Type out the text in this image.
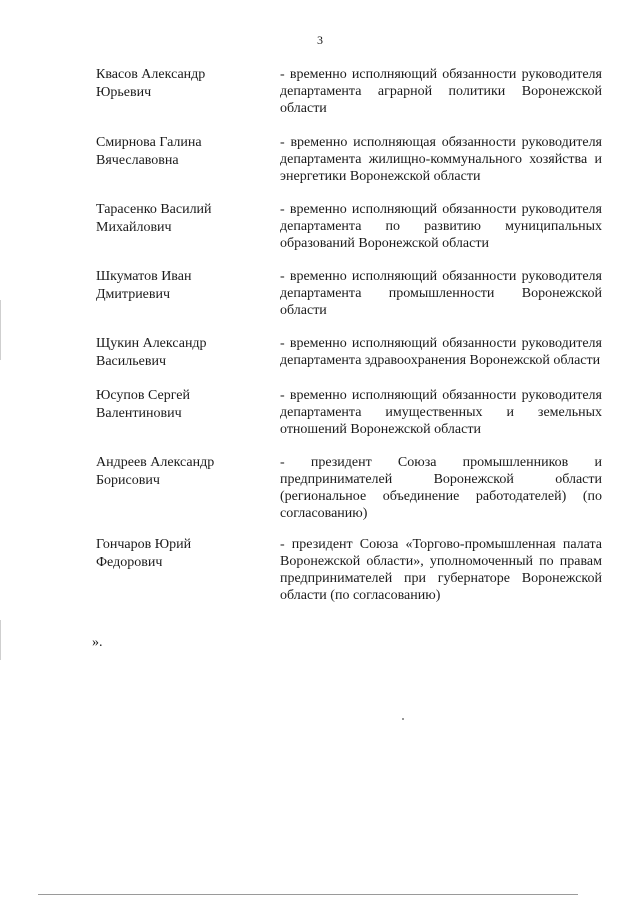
3
Квасов Александр
Юрьевич
- временно исполняющий обязанности руководителя департамента аграрной политики Воронежской области
Смирнова Галина
Вячеславовна
- временно исполняющая обязанности руководителя департамента жилищно-коммунального хозяйства и энергетики Воронежской области
Тарасенко Василий
Михайлович
- временно исполняющий обязанности руководителя департамента по развитию муниципальных образований Воронежской области
Шкуматов Иван
Дмитриевич
- временно исполняющий обязанности руководителя департамента промышленности Воронежской области
Щукин Александр
Васильевич
- временно исполняющий обязанности руководителя департамента здравоохранения Воронежской области
Юсупов Сергей
Валентинович
- временно исполняющий обязанности руководителя департамента имущественных и земельных отношений Воронежской области
Андреев Александр
Борисович
- президент Союза промышленников и предпринимателей Воронежской области (региональное объединение работодателей) (по согласованию)
Гончаров Юрий
Федорович
- президент Союза «Торгово-промышленная палата Воронежской области», уполномоченный по правам предпринимателей при губернаторе Воронежской области (по согласованию)
».
